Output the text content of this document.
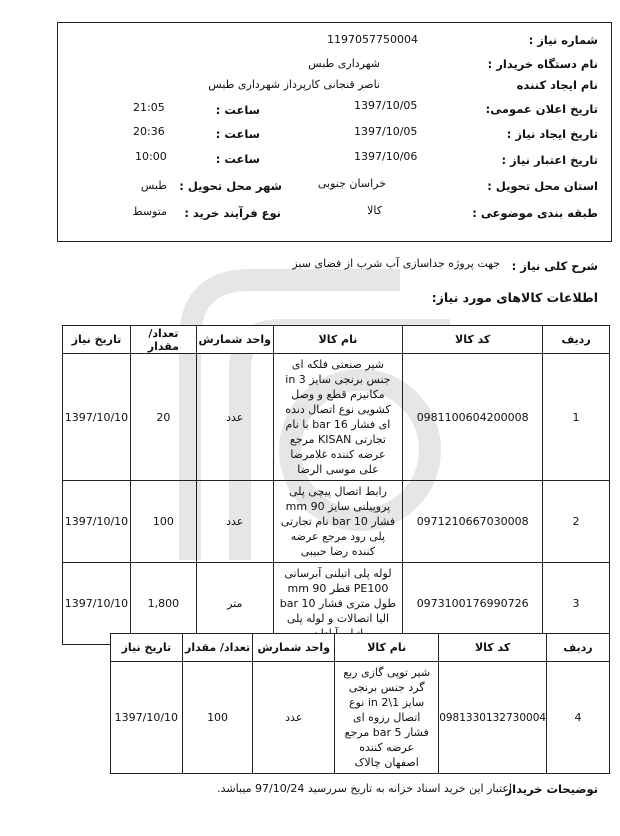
شماره نیاز :
1197057750004
نام دستگاه خریدار :
شهرداری طبس
نام ایجاد کننده
ناصر قنجانی کارپرداز شهرداری طبس
تاریخ اعلان عمومی:
1397/10/05
ساعت :
21:05
تاریخ ایجاد نیاز :
1397/10/05
ساعت :
20:36
تاریخ اعتبار نیاز :
1397/10/06
ساعت :
10:00
استان محل تحویل :
خراسان جنوبی
شهر محل تحویل :
طبس
طبقه بندی موضوعی :
کالا
نوع فرآیند خرید :
متوسط
شرح کلی نیاز :
جهت پروژه جداسازی آب شرب از فضای سبز
اطلاعات کالاهای مورد نیاز:
تاریخ نیاز	تعداد/ مقدار	واحد شمارش	نام کالا	کد کالا	ردیف
1397/10/10	20	عدد	شیر صنعتی فلکه ای جنس برنجی سایز in 3 مکانیزم قطع و وصل کشویی نوع اتصال دنده ای فشار bar 16 با نام تجارتی KISAN مرجع عرضه کننده غلامرضا علی موسی الرضا	0981100604200008	1
1397/10/10	100	عدد	رابط اتصال پیچی پلی پروپیلنی سایز mm 90 فشار bar 10 نام تجارتی پلی رود مرجع عرضه کننده رضا حبیبی	0971210667030008	2
1397/10/10	1,800	متر	لوله پلی اتیلنی آبرسانی PE100 قطر mm 90 طول متری فشار bar 10 الیا اتصالات و لوله پلی	0973100176990726	3
تاریخ نیاز	تعداد/ مقدار	واحد شمارش	نام کالا	کد کالا	ردیف
1397/10/10	100	عدد	شیر توپی گازی ربع گرد جنس برنجی سایز in 2\1 نوع اتصال رزوه ای فشار bar 5 مرجع عرضه کننده اصفهان چالاک	0981330132730004	4
توضیحات خریدار
اعتبار این خرید اسناد خزانه به تاریخ سررسید 97/10/24 میباشد.
